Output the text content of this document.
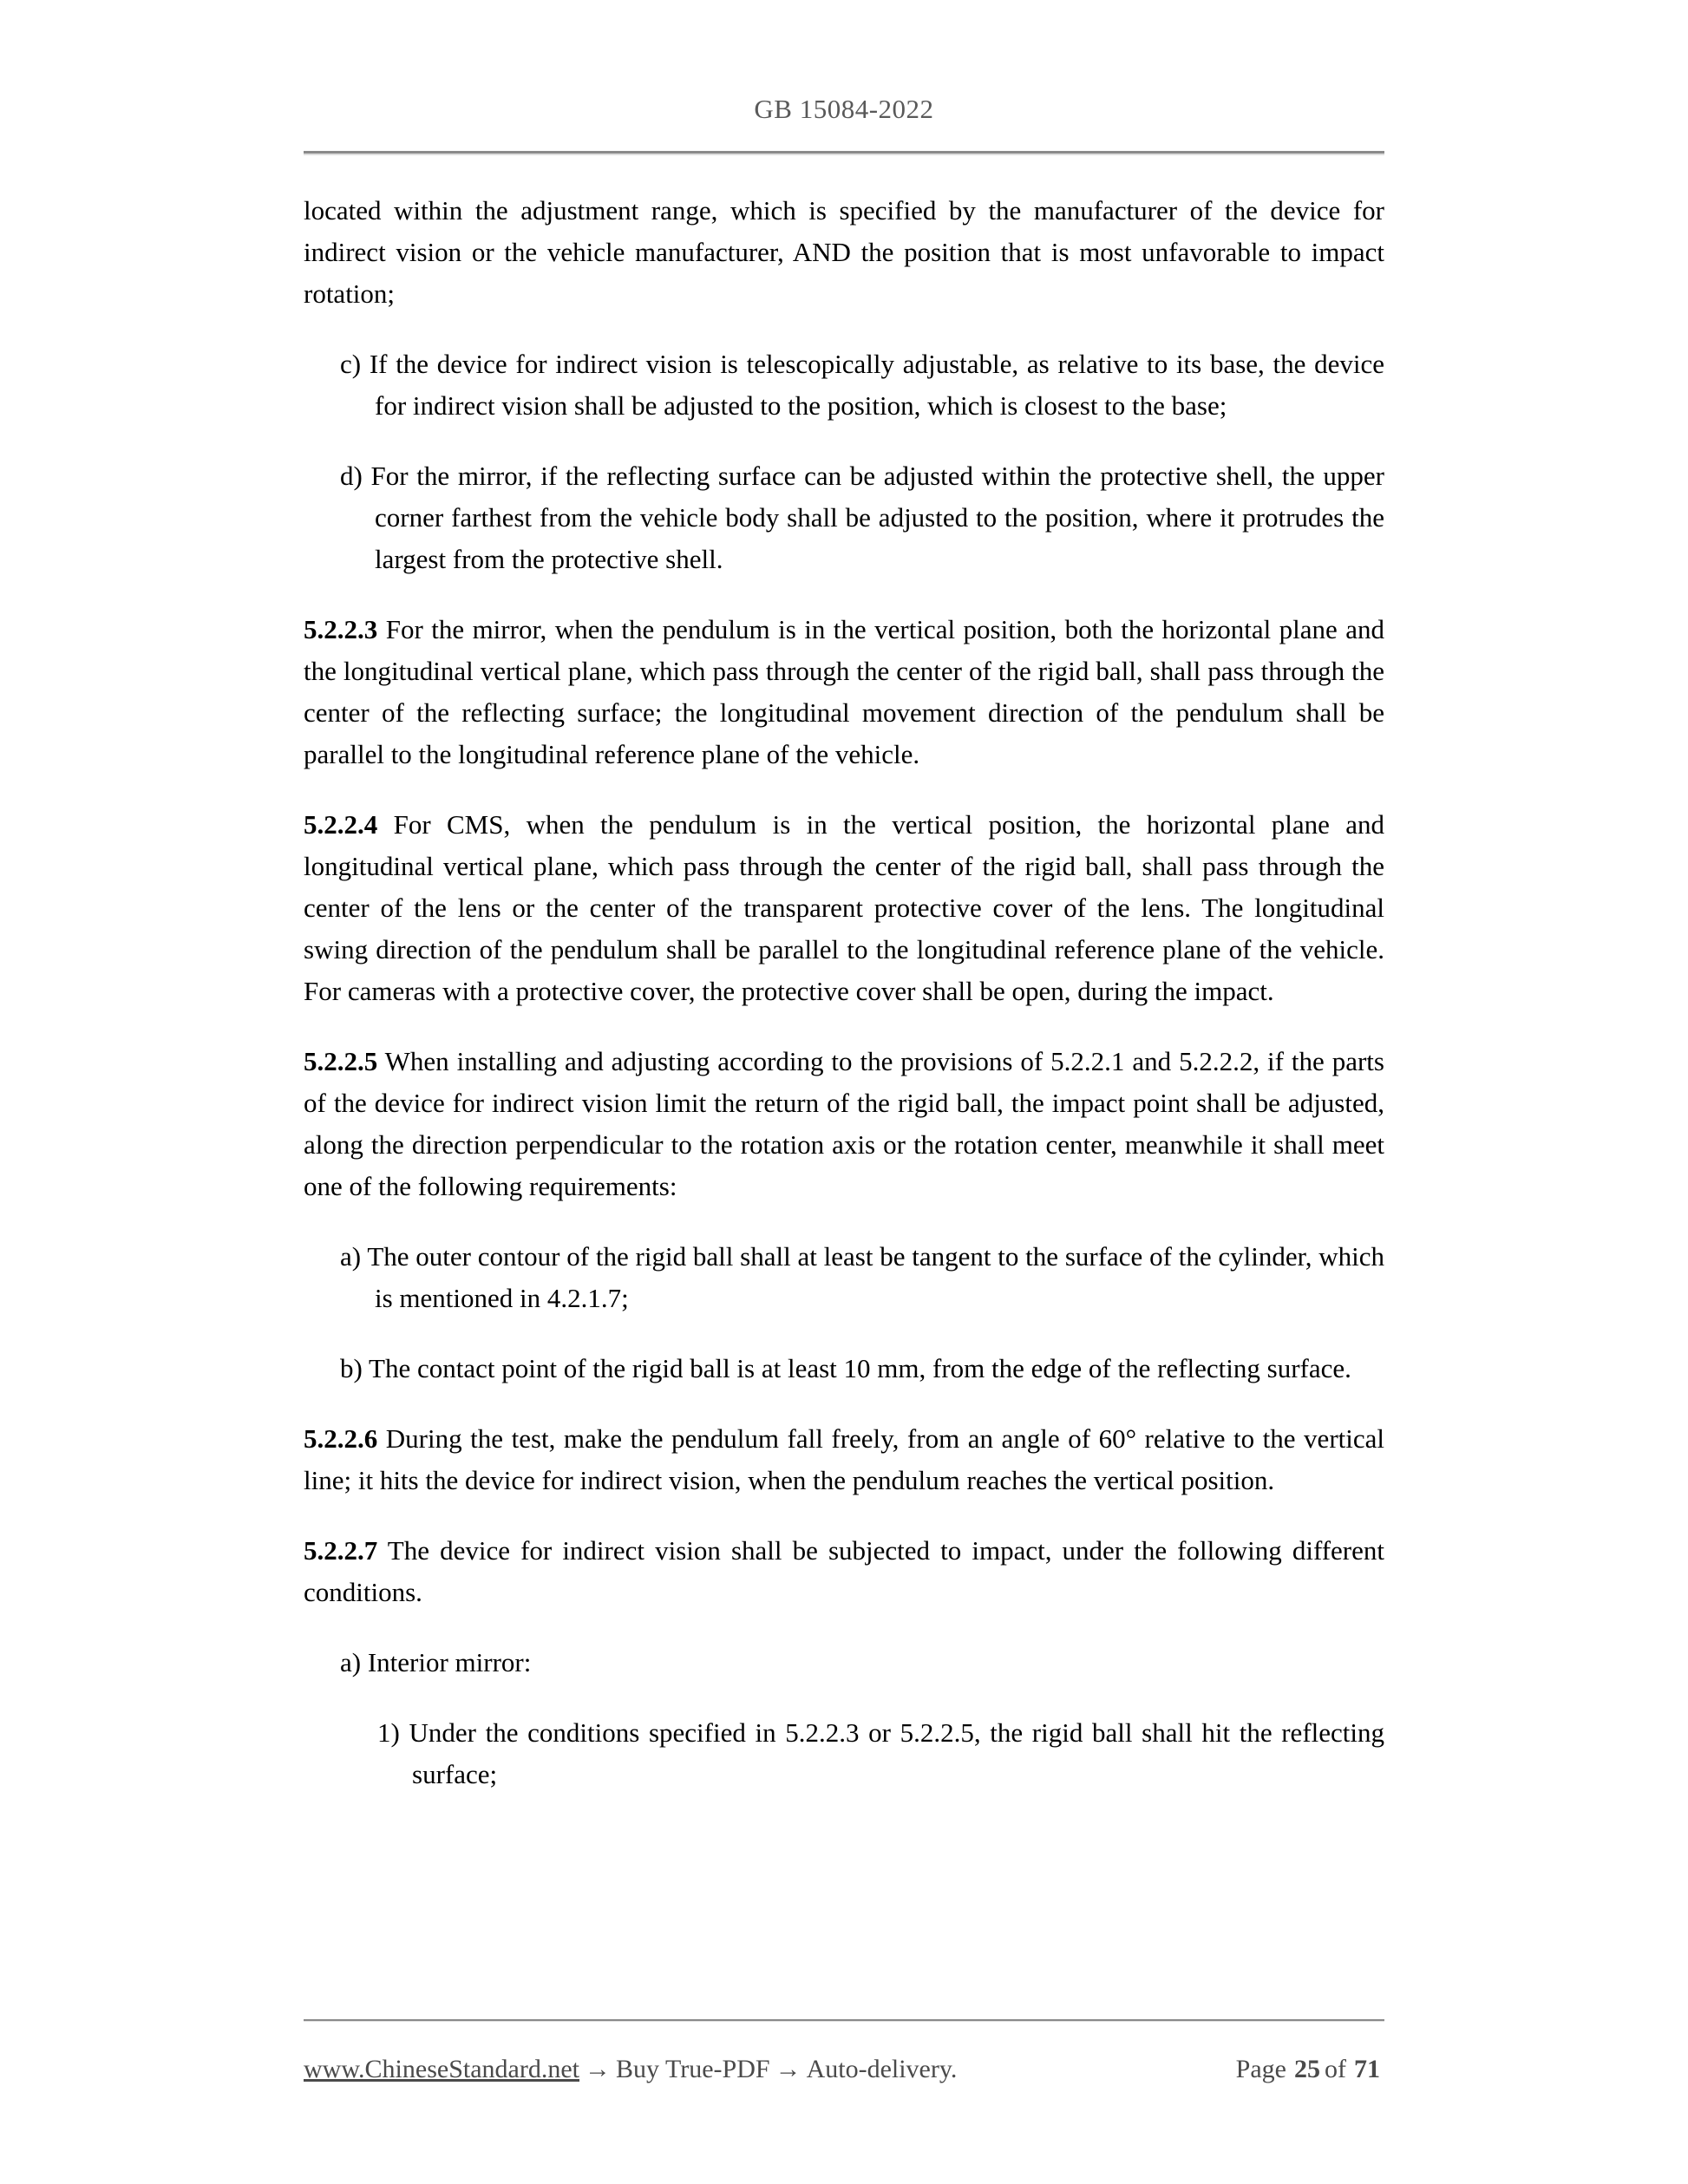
GB 15084-2022

located within the adjustment range, which is specified by the manufacturer of the device for indirect vision or the vehicle manufacturer, AND the position that is most unfavorable to impact rotation;

c) If the device for indirect vision is telescopically adjustable, as relative to its base, the device for indirect vision shall be adjusted to the position, which is closest to the base;

d) For the mirror, if the reflecting surface can be adjusted within the protective shell, the upper corner farthest from the vehicle body shall be adjusted to the position, where it protrudes the largest from the protective shell.

5.2.2.3 For the mirror, when the pendulum is in the vertical position, both the horizontal plane and the longitudinal vertical plane, which pass through the center of the rigid ball, shall pass through the center of the reflecting surface; the longitudinal movement direction of the pendulum shall be parallel to the longitudinal reference plane of the vehicle.

5.2.2.4 For CMS, when the pendulum is in the vertical position, the horizontal plane and longitudinal vertical plane, which pass through the center of the rigid ball, shall pass through the center of the lens or the center of the transparent protective cover of the lens. The longitudinal swing direction of the pendulum shall be parallel to the longitudinal reference plane of the vehicle. For cameras with a protective cover, the protective cover shall be open, during the impact.

5.2.2.5 When installing and adjusting according to the provisions of 5.2.2.1 and 5.2.2.2, if the parts of the device for indirect vision limit the return of the rigid ball, the impact point shall be adjusted, along the direction perpendicular to the rotation axis or the rotation center, meanwhile it shall meet one of the following requirements:

a) The outer contour of the rigid ball shall at least be tangent to the surface of the cylinder, which is mentioned in 4.2.1.7;

b) The contact point of the rigid ball is at least 10 mm, from the edge of the reflecting surface.

5.2.2.6 During the test, make the pendulum fall freely, from an angle of 60° relative to the vertical line; it hits the device for indirect vision, when the pendulum reaches the vertical position.

5.2.2.7 The device for indirect vision shall be subjected to impact, under the following different conditions.

a) Interior mirror:

1) Under the conditions specified in 5.2.2.3 or 5.2.2.5, the rigid ball shall hit the reflecting surface;

www.ChineseStandard.net → Buy True-PDF → Auto-delivery.	Page 25 of 71
